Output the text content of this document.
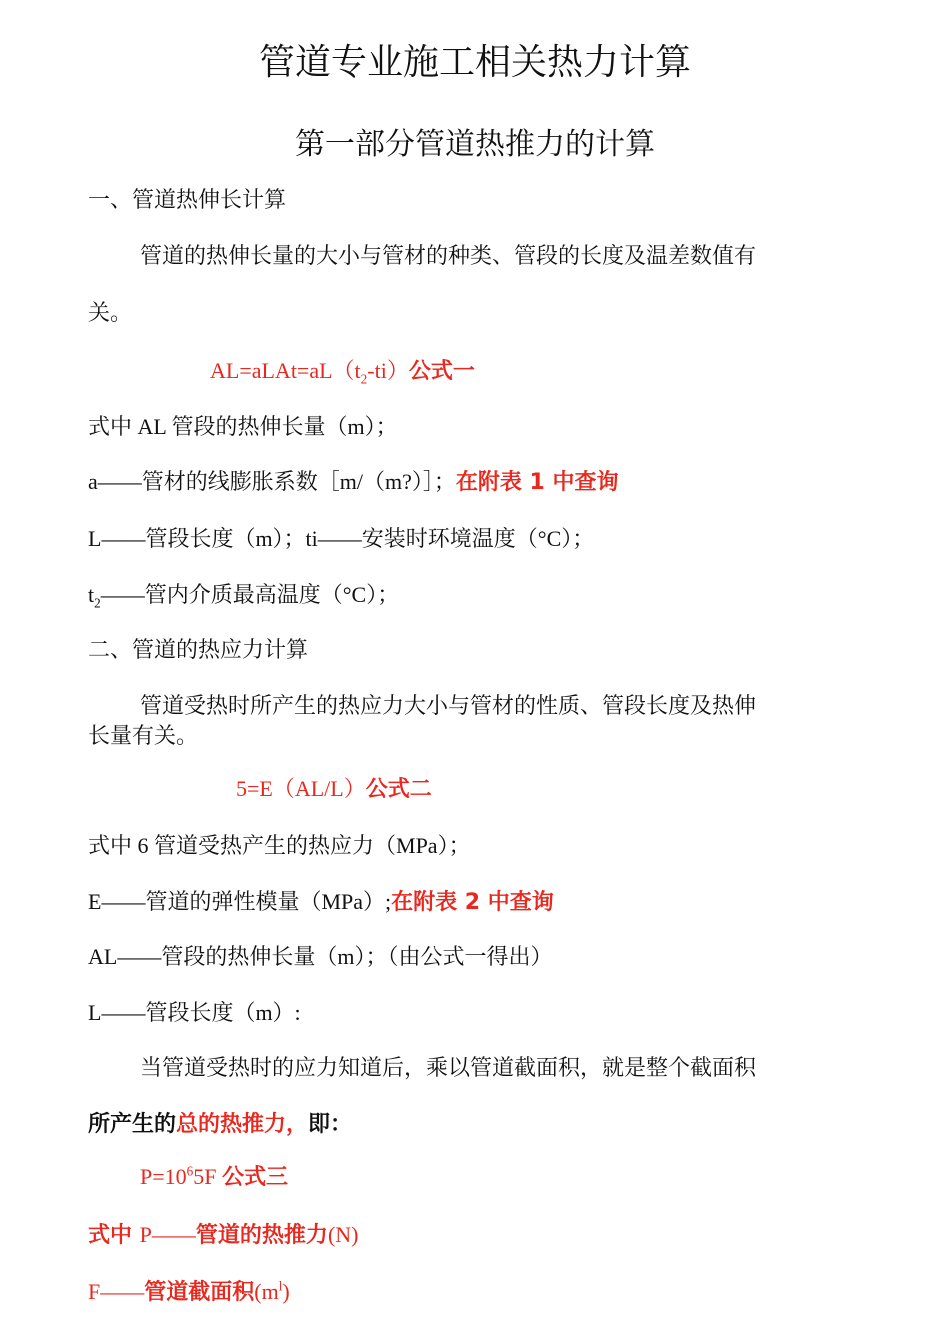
管道专业施工相关热力计算
第一部分管道热推力的计算
一、管道热伸长计算
管道的热伸长量的大小与管材的种类、管段的长度及温差数值有
关。
$AL=aLAt=aL(t_2-ti)$公式一
式中 AL 管段的热伸长量（m）；
a——管材的线膨胀系数［m/（m?）］；在附表 1 中查询
L——管段长度（m）；ti——安装时环境温度（°C）；
$t_2——$管内介质最高温度（°C）；
二、管道的热应力计算
管道受热时所产生的热应力大小与管材的性质、管段长度及热伸
长量有关。
5=E（AL/L）公式二
式中 6 管道受热产生的热应力（MPa）；
E——管道的弹性模量（MPa）;在附表 2 中查询
AL——管段的热伸长量（m）；（由公式一得出）
L——管段长度（m）:
当管道受热时的应力知道后，乘以管道截面积，就是整个截面积
所产生的总的热推力，即：
$P=10^65F$ 公式三
式中 P——管道的热推力(N)
F——管道截面积$(m^l)$
